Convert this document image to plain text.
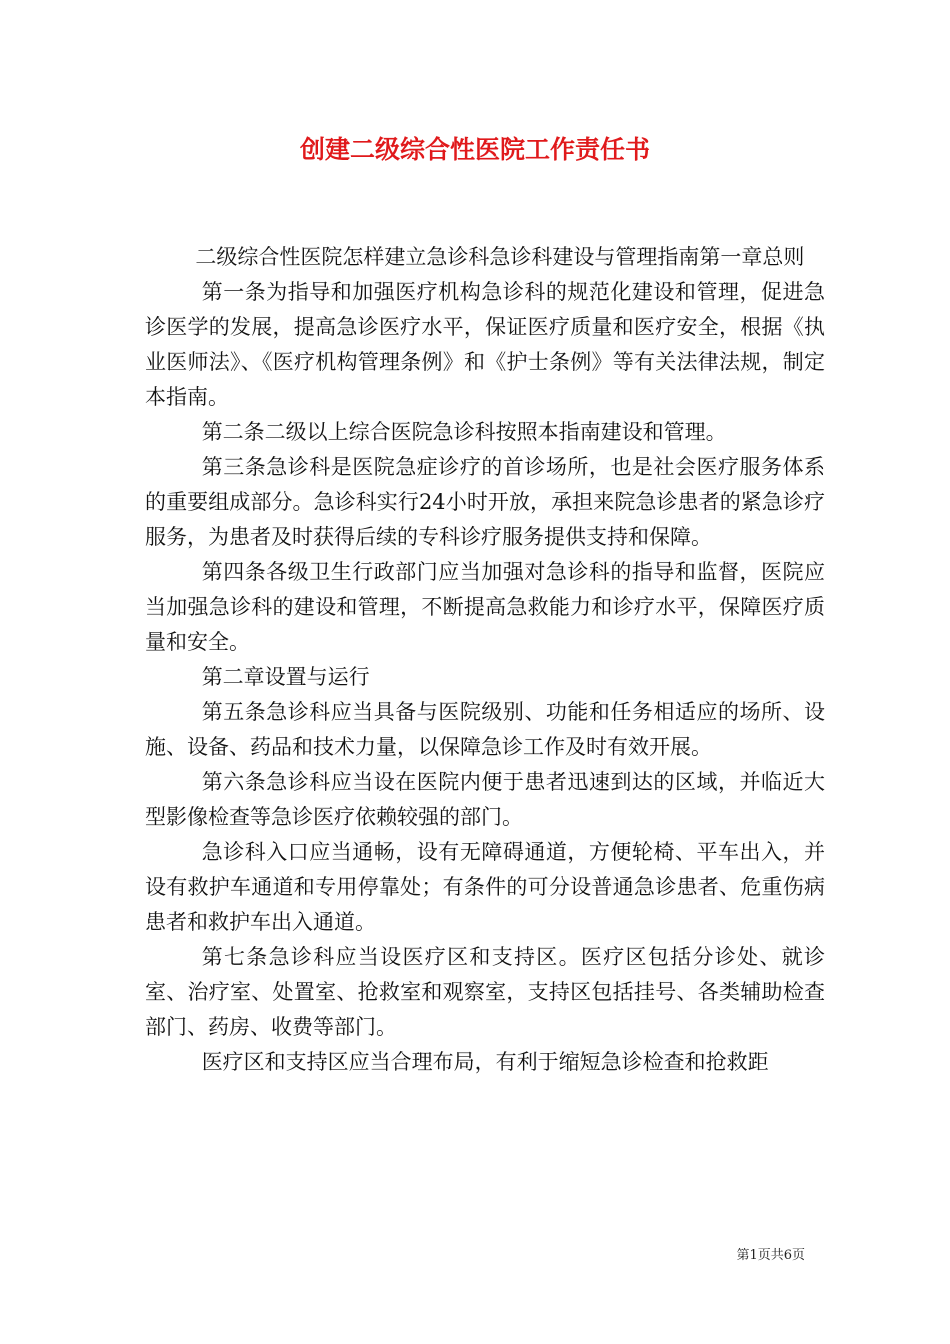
创建二级综合性医院工作责任书

二级综合性医院怎样建立急诊科急诊科建设与管理指南第一章总则

第一条为指导和加强医疗机构急诊科的规范化建设和管理，促进急诊医学的发展，提高急诊医疗水平，保证医疗质量和医疗安全，根据《执业医师法》、《医疗机构管理条例》和《护士条例》等有关法律法规，制定本指南。

第二条二级以上综合医院急诊科按照本指南建设和管理。

第三条急诊科是医院急症诊疗的首诊场所，也是社会医疗服务体系的重要组成部分。急诊科实行24小时开放，承担来院急诊患者的紧急诊疗服务，为患者及时获得后续的专科诊疗服务提供支持和保障。

第四条各级卫生行政部门应当加强对急诊科的指导和监督，医院应当加强急诊科的建设和管理，不断提高急救能力和诊疗水平，保障医疗质量和安全。

第二章设置与运行

第五条急诊科应当具备与医院级别、功能和任务相适应的场所、设施、设备、药品和技术力量，以保障急诊工作及时有效开展。

第六条急诊科应当设在医院内便于患者迅速到达的区域，并临近大型影像检查等急诊医疗依赖较强的部门。

急诊科入口应当通畅，设有无障碍通道，方便轮椅、平车出入，并设有救护车通道和专用停靠处；有条件的可分设普通急诊患者、危重伤病患者和救护车出入通道。

第七条急诊科应当设医疗区和支持区。医疗区包括分诊处、就诊室、治疗室、处置室、抢救室和观察室，支持区包括挂号、各类辅助检查部门、药房、收费等部门。

医疗区和支持区应当合理布局，有利于缩短急诊检查和抢救距

第1页共6页
